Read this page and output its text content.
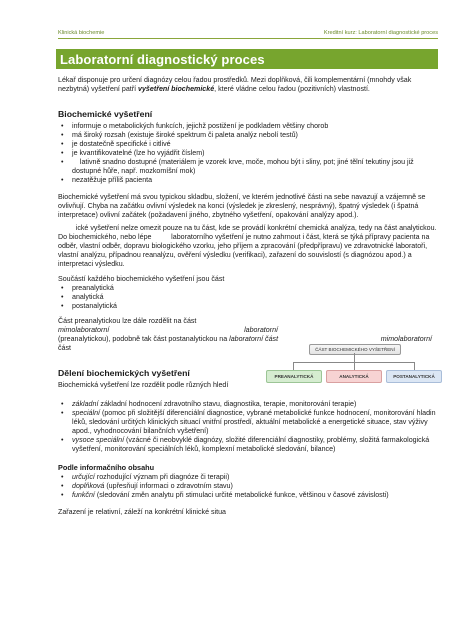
Klinická biochemie	Kreditní kurz: Laboratorní diagnostické proces
Laboratorní diagnostický proces

Lékař disponuje pro určení diagnózy celou řadou prostředků. Mezi doplňková, čili komplementární (mnohdy však nezbytná) vyšetření patří vyšetření biochemické, které vládne celou řadou (pozitivních) vlastností.

Biochemické vyšetření
• informuje o metabolických funkcích, jejichž postižení je podkladem většiny chorob
• má široký rozsah (existuje široké spektrum či paleta analýz nebolí testů)
• je dostatečně specifické i citlivé
• je kvantifikovatelné (lze ho vyjádřit číslem)
• lativně snadno dostupné (materiálem je vzorek krve, moče, mohou být i sliny, pot; jiné tělní tekutiny jsou již dostupné hůře, např. mozkomíšní mok)
• nezatěžuje příliš pacienta

Biochemické vyšetření má svou typickou skladbu, složení, ve kterém jednotlivé části na sebe navazují a vzájemně se ovlivňují. Chyba na začátku ovlivní výsledek na konci (výsledek je zkreslený, nesprávný), špatný výsledek (i špatná interpretace) ovlivní začátek (požadavení jiného, zbytného vyšetření, opakování analýzy apod.).

ické vyšetření nelze omezit pouze na tu část, kde se provádí konkrétní chemická analýza, tedy na část analytickou. Do biochemického, nebo lépe          laboratorního vyšetření je nutno zahrnout i část, která se týká přípravy pacienta na odběr, vlastní odběr, dopravu biologického vzorku, jeho příjem a zpracování (předpřípravu) ve zdravotnické laboratoři, vlastní analýzu, případnou reanalýzu, ověření výsledku (verifikaci), zařazení do souvislostí (s diagnózou apod.) a interpretaci výsledku.

Součástí každého biochemického vyšetření jsou část

• preanalytická
• analytická
• postanalytická

Část preanalytickou lze dále rozdělit na část

mimolaboratorní	laboratorní

(preanalytickou), podobně tak část postanalytickou na laboratorní část	mimolaboratorní

část

Dělení biochemických vyšetření

Biochemická vyšetření lze rozdělit podle různých hledí

• základní základní hodnocení zdravotního stavu, diagnostika, terapie, monitorování terapie)
• speciální (pomoc při složitější diferenciální diagnostice, vybrané metabolické funkce hodnocení, monitorování hladin léků, sledování určitých klinických situací vnitřní prostředí, aktuální metabolické a energetické situace, stav výživy apod., vyhodnocování bilančních vyšetření)
• vysoce speciální (vzácné či neobvyklé diagnózy, složité diferenciální diagnostiky, problémy, složitá farmakologická vyšetření, monitorování speciálních léků, komplexní metabolické sledování, bilance)
Podle informačního obsahu
• určující rozhodující význam při diagnóze či terapii)
• doplňková (upřesňují informaci o zdravotním stavu)
• funkční (sledování změn analytu při stimulaci určité metabolické funkce, většinou v časové závislosti)

Zařazení je relativní, záleží na konkrétní klinické situa

ČÁST BIOCHEMICKÉHO VYŠETŘENÍ
PREANALYTICKÁ	ANALYTICKÁ	POSTANALYTICKÁ
